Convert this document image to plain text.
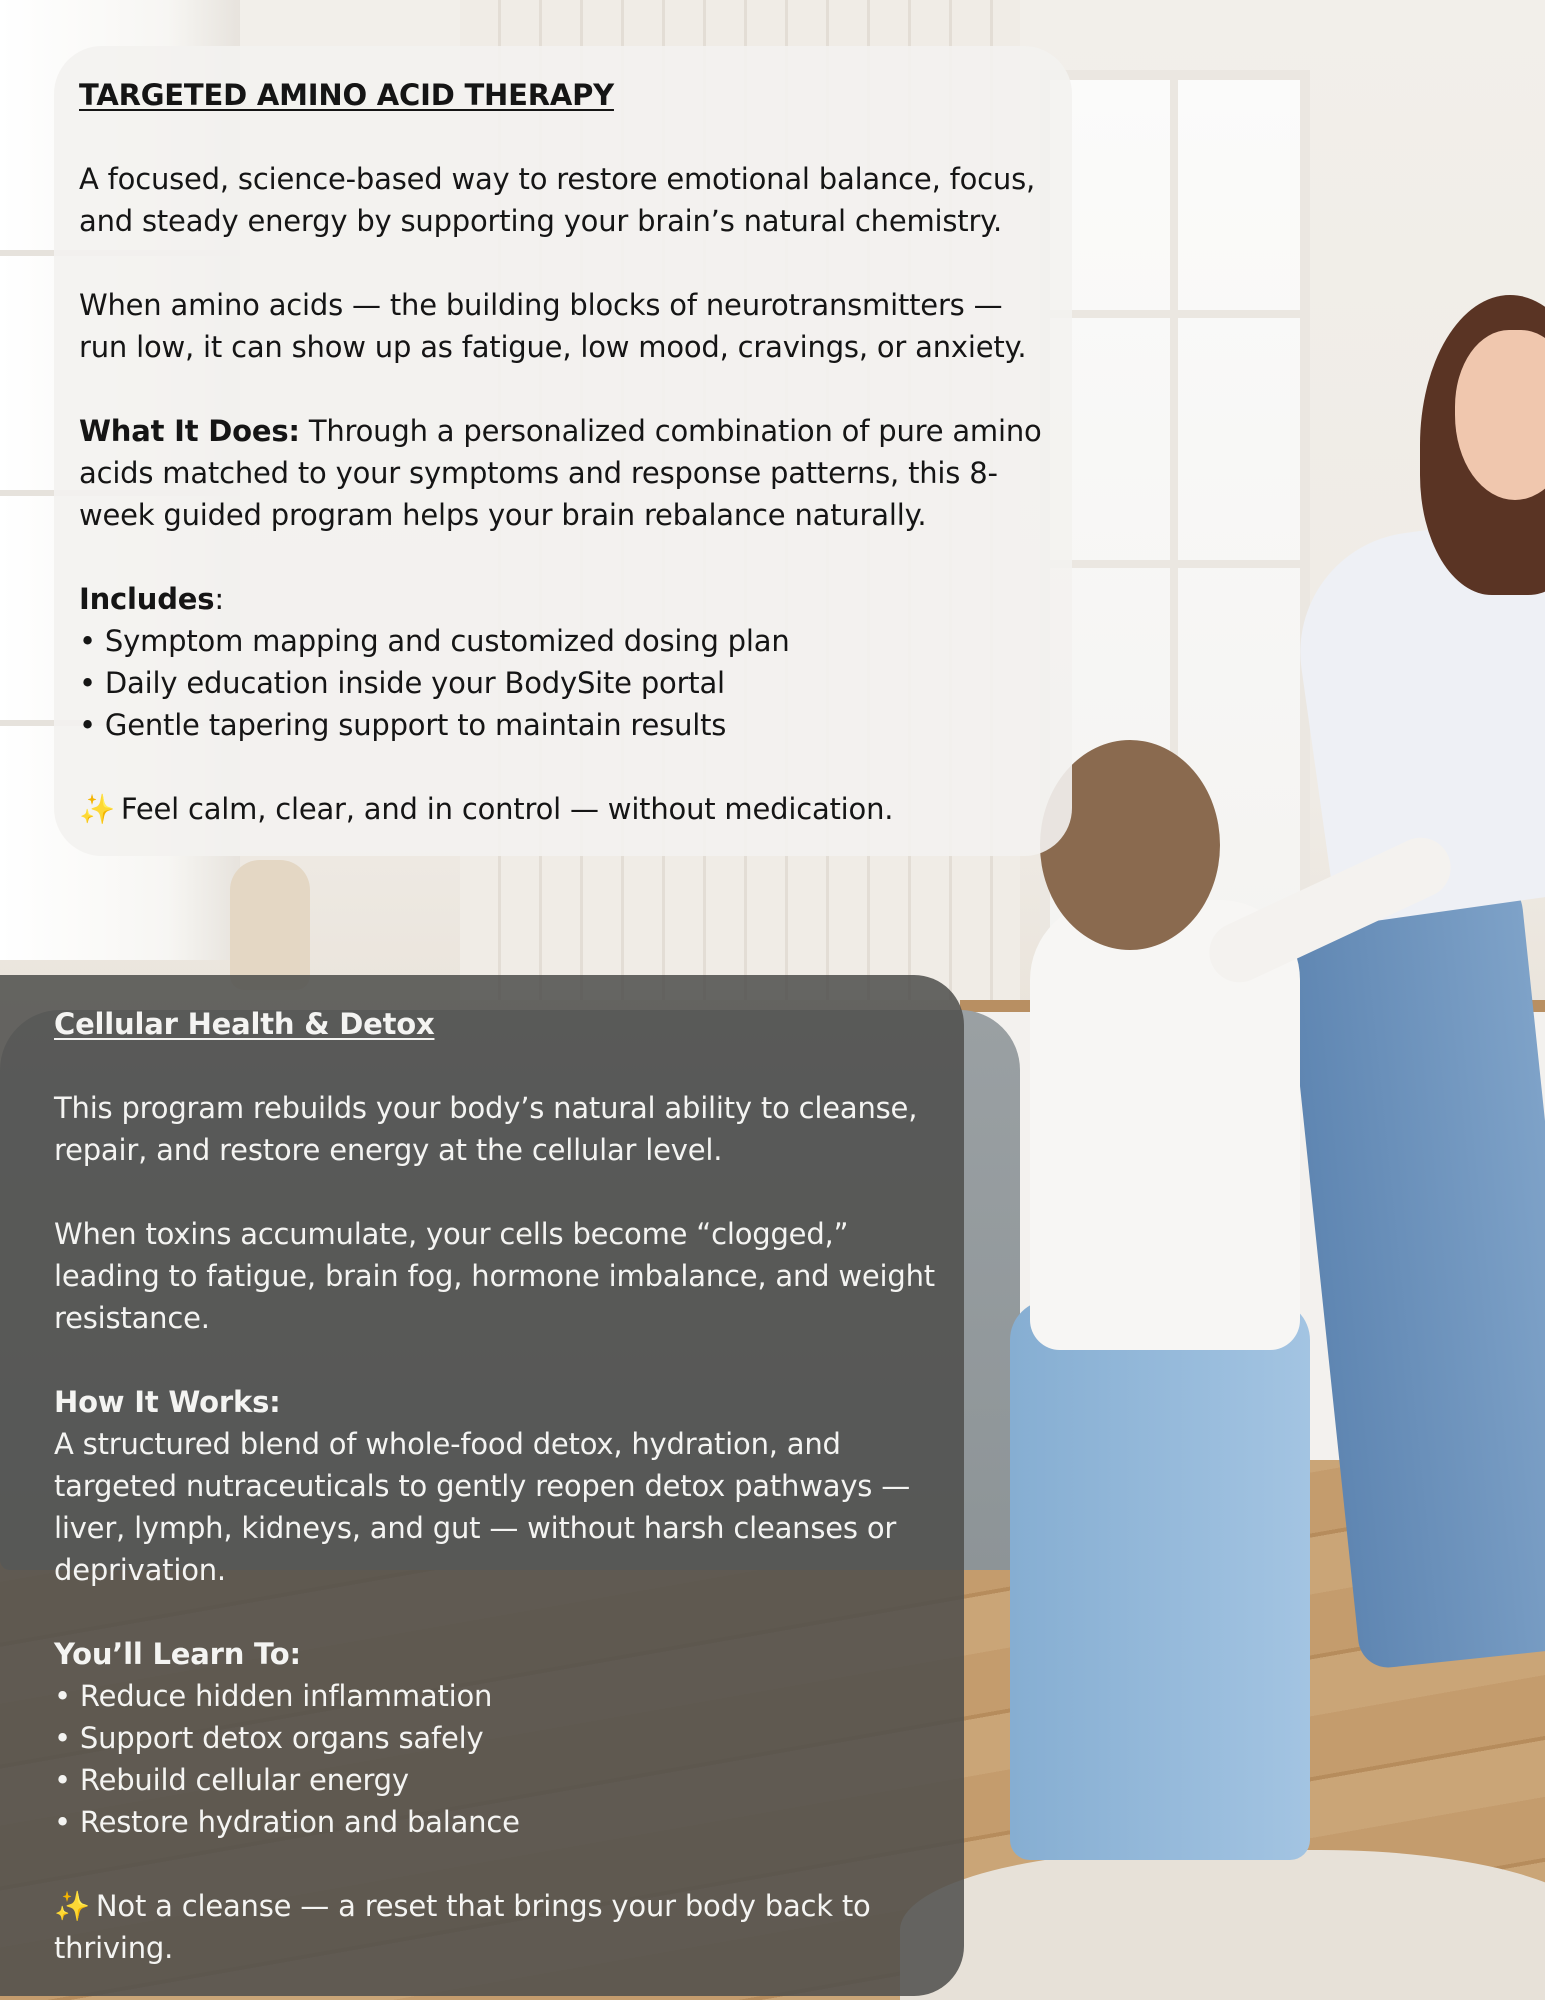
TARGETED AMINO ACID THERAPY

A focused, science-based way to restore emotional balance, focus,

and steady energy by supporting your brain’s natural chemistry.

When amino acids — the building blocks of neurotransmitters —

run low, it can show up as fatigue, low mood, cravings, or anxiety.

What It Does: Through a personalized combination of pure amino

acids matched to your symptoms and response patterns, this 8-

week guided program helps your brain rebalance naturally.

Includes:

• Symptom mapping and customized dosing plan

• Daily education inside your BodySite portal

• Gentle tapering support to maintain results

✨ Feel calm, clear, and in control — without medication.

Cellular Health & Detox

This program rebuilds your body’s natural ability to cleanse,

repair, and restore energy at the cellular level.

When toxins accumulate, your cells become “clogged,”

leading to fatigue, brain fog, hormone imbalance, and weight

resistance.

How It Works:

A structured blend of whole-food detox, hydration, and

targeted nutraceuticals to gently reopen detox pathways —

liver, lymph, kidneys, and gut — without harsh cleanses or

deprivation.

You’ll Learn To:

• Reduce hidden inflammation

• Support detox organs safely

• Rebuild cellular energy

• Restore hydration and balance

✨ Not a cleanse — a reset that brings your body back to

thriving.
